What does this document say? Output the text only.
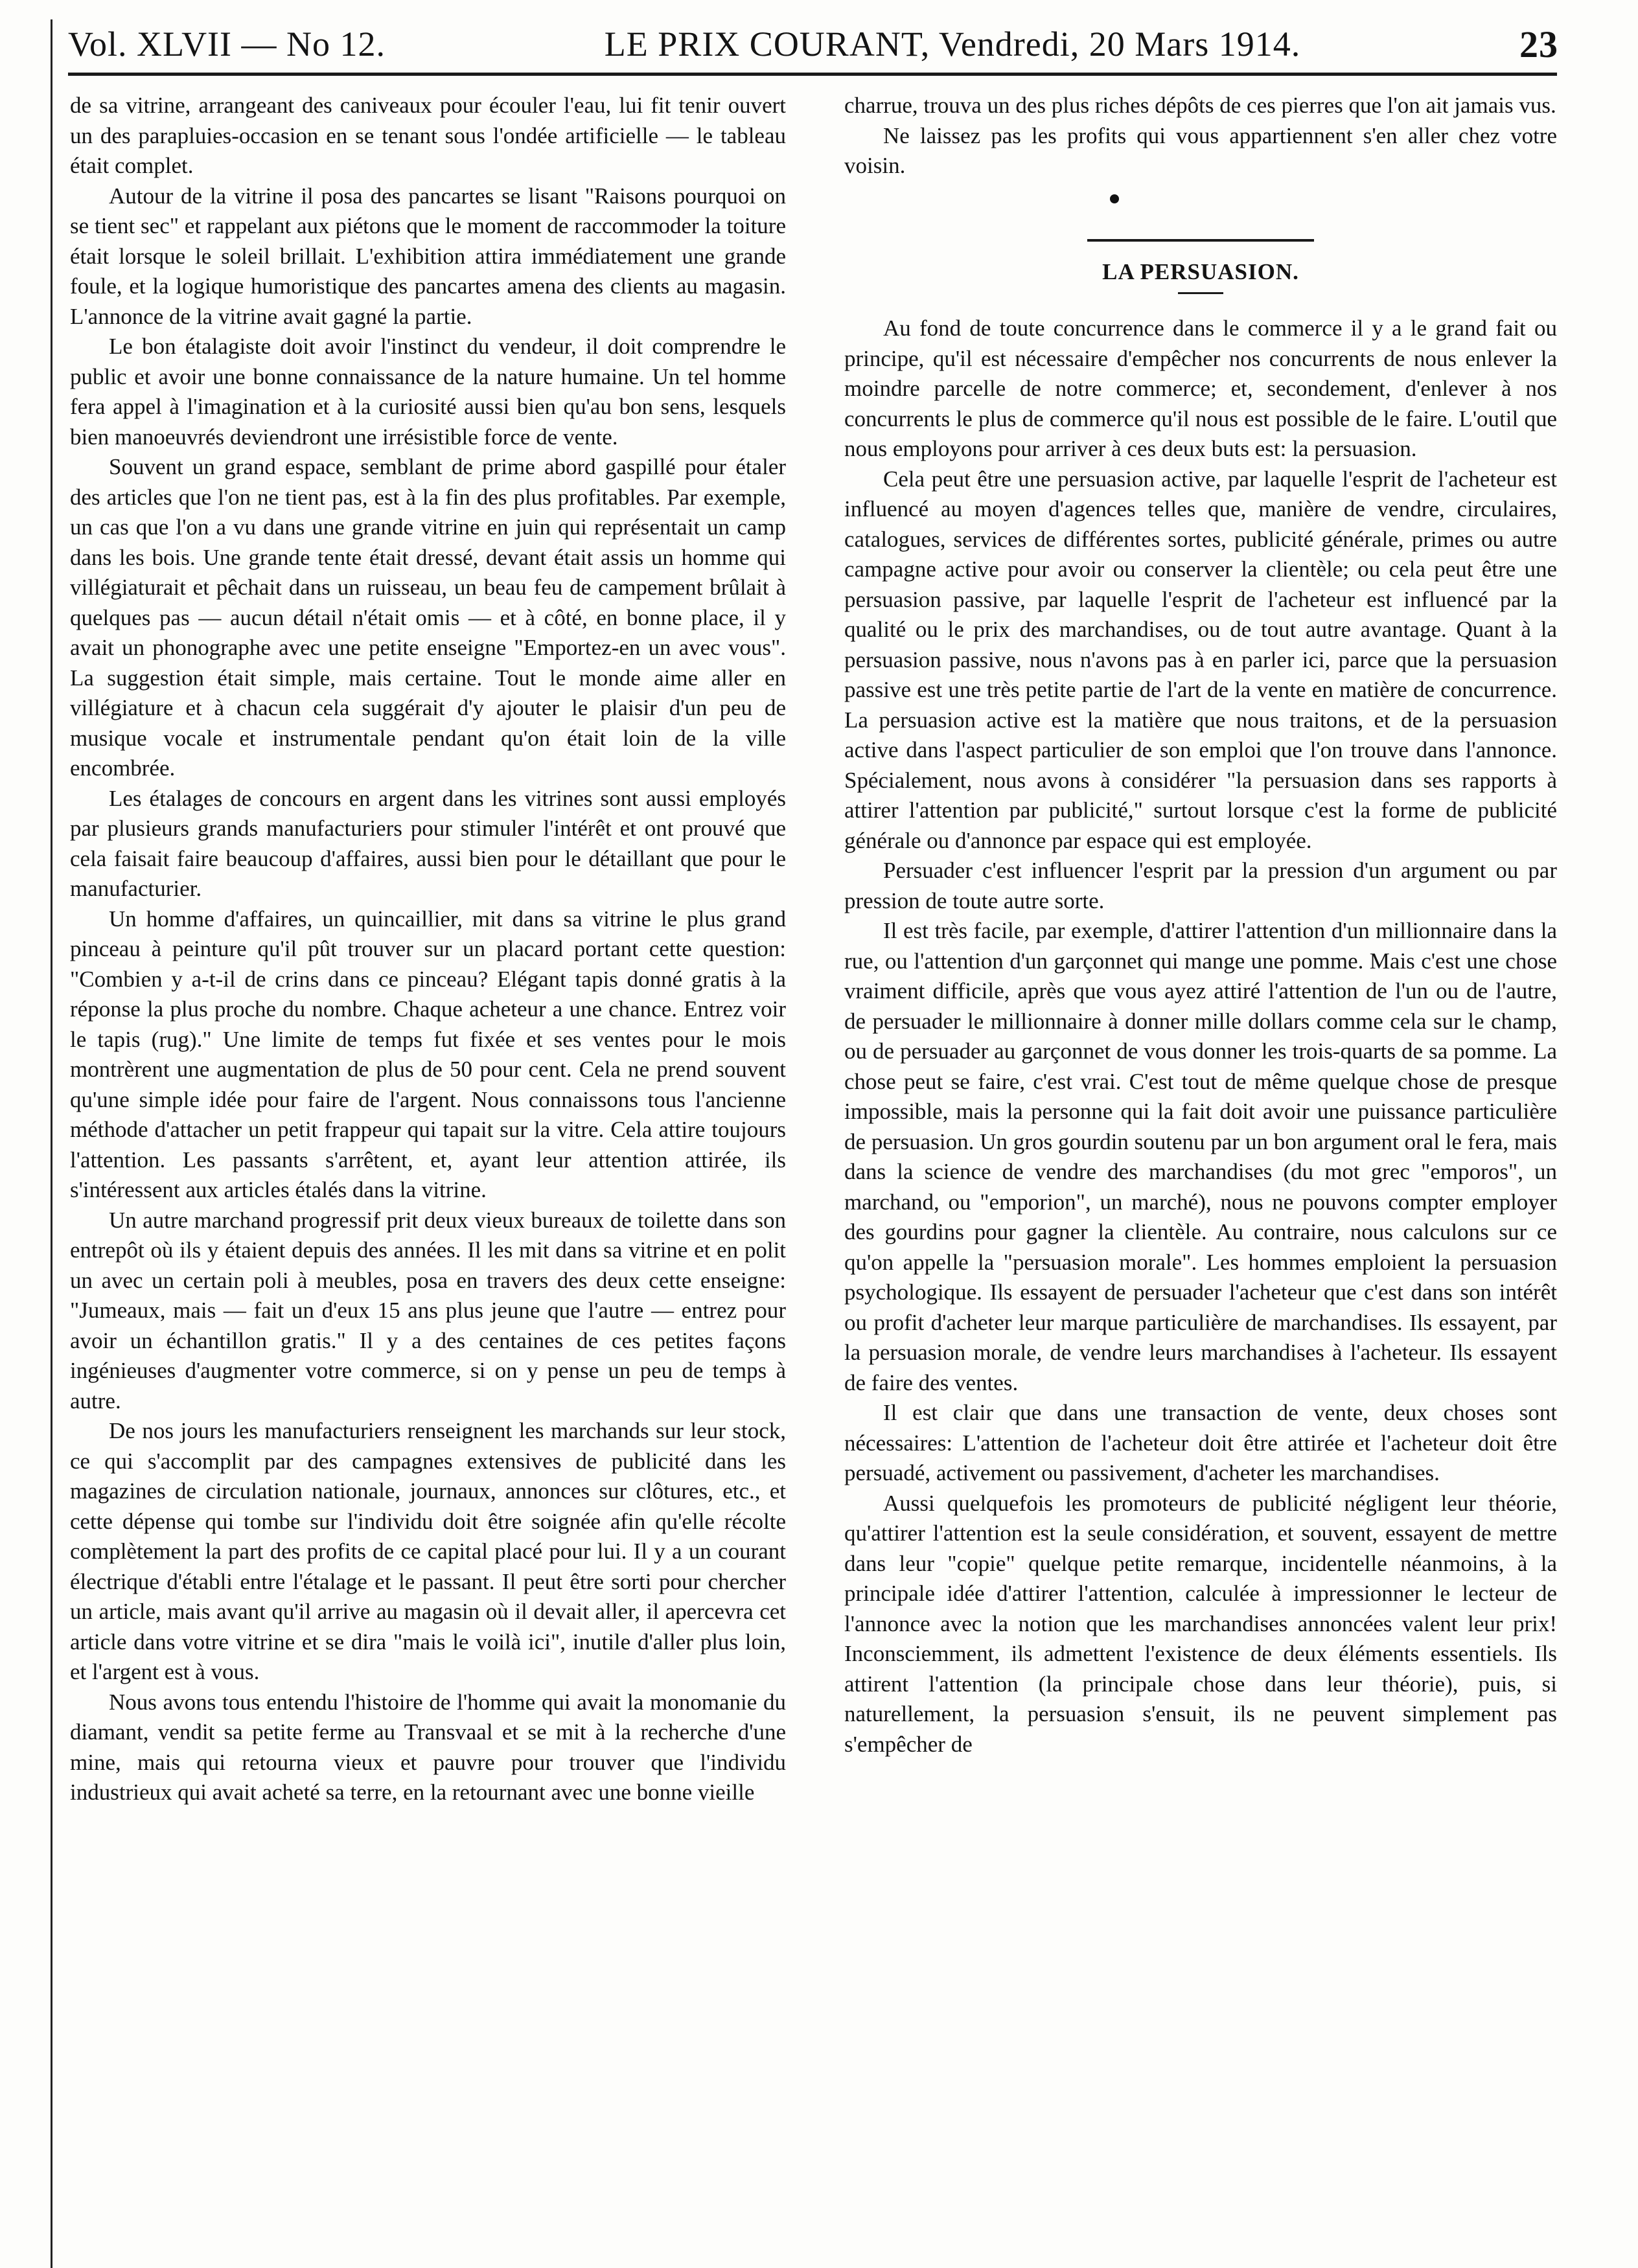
Vol. XLVII — No 12.	LE PRIX COURANT, Vendredi, 20 Mars 1914.	23

de sa vitrine, arrangeant des caniveaux pour écouler l'eau, lui fit tenir ouvert un des parapluies-occasion en se tenant sous l'ondée artificielle — le tableau était complet.

Autour de la vitrine il posa des pancartes se lisant "Raisons pourquoi on se tient sec" et rappelant aux piétons que le moment de raccommoder la toiture était lorsque le soleil brillait. L'exhibition attira immédiatement une grande foule, et la logique humoristique des pancartes amena des clients au magasin. L'annonce de la vitrine avait gagné la partie.

Le bon étalagiste doit avoir l'instinct du vendeur, il doit comprendre le public et avoir une bonne connaissance de la nature humaine. Un tel homme fera appel à l'imagination et à la curiosité aussi bien qu'au bon sens, lesquels bien manoeuvrés deviendront une irrésistible force de vente.

Souvent un grand espace, semblant de prime abord gaspillé pour étaler des articles que l'on ne tient pas, est à la fin des plus profitables. Par exemple, un cas que l'on a vu dans une grande vitrine en juin qui représentait un camp dans les bois. Une grande tente était dressé, devant était assis un homme qui villégiaturait et pêchait dans un ruisseau, un beau feu de campement brûlait à quelques pas — aucun détail n'était omis — et à côté, en bonne place, il y avait un phonographe avec une petite enseigne "Emportez-en un avec vous". La suggestion était simple, mais certaine. Tout le monde aime aller en villégiature et à chacun cela suggérait d'y ajouter le plaisir d'un peu de musique vocale et instrumentale pendant qu'on était loin de la ville encombrée.

Les étalages de concours en argent dans les vitrines sont aussi employés par plusieurs grands manufacturiers pour stimuler l'intérêt et ont prouvé que cela faisait faire beaucoup d'affaires, aussi bien pour le détaillant que pour le manufacturier.

Un homme d'affaires, un quincaillier, mit dans sa vitrine le plus grand pinceau à peinture qu'il pût trouver sur un placard portant cette question: "Combien y a-t-il de crins dans ce pinceau? Elégant tapis donné gratis à la réponse la plus proche du nombre. Chaque acheteur a une chance. Entrez voir le tapis (rug)." Une limite de temps fut fixée et ses ventes pour le mois montrèrent une augmentation de plus de 50 pour cent. Cela ne prend souvent qu'une simple idée pour faire de l'argent. Nous connaissons tous l'ancienne méthode d'attacher un petit frappeur qui tapait sur la vitre. Cela attire toujours l'attention. Les passants s'arrêtent, et, ayant leur attention attirée, ils s'intéressent aux articles étalés dans la vitrine.

Un autre marchand progressif prit deux vieux bureaux de toilette dans son entrepôt où ils y étaient depuis des années. Il les mit dans sa vitrine et en polit un avec un certain poli à meubles, posa en travers des deux cette enseigne: "Jumeaux, mais — fait un d'eux 15 ans plus jeune que l'autre — entrez pour avoir un échantillon gratis." Il y a des centaines de ces petites façons ingénieuses d'augmenter votre commerce, si on y pense un peu de temps à autre.

De nos jours les manufacturiers renseignent les marchands sur leur stock, ce qui s'accomplit par des campagnes extensives de publicité dans les magazines de circulation nationale, journaux, annonces sur clôtures, etc., et cette dépense qui tombe sur l'individu doit être soignée afin qu'elle récolte complètement la part des profits de ce capital placé pour lui. Il y a un courant électrique d'établi entre l'étalage et le passant. Il peut être sorti pour chercher un article, mais avant qu'il arrive au magasin où il devait aller, il apercevra cet article dans votre vitrine et se dira "mais le voilà ici", inutile d'aller plus loin, et l'argent est à vous.

Nous avons tous entendu l'histoire de l'homme qui avait la monomanie du diamant, vendit sa petite ferme au Transvaal et se mit à la recherche d'une mine, mais qui retourna vieux et pauvre pour trouver que l'individu industrieux qui avait acheté sa terre, en la retournant avec une bonne vieille

charrue, trouva un des plus riches dépôts de ces pierres que l'on ait jamais vus.

Ne laissez pas les profits qui vous appartiennent s'en aller chez votre voisin.

LA PERSUASION.

Au fond de toute concurrence dans le commerce il y a le grand fait ou principe, qu'il est nécessaire d'empêcher nos concurrents de nous enlever la moindre parcelle de notre commerce; et, secondement, d'enlever à nos concurrents le plus de commerce qu'il nous est possible de le faire. L'outil que nous employons pour arriver à ces deux buts est: la persuasion.

Cela peut être une persuasion active, par laquelle l'esprit de l'acheteur est influencé au moyen d'agences telles que, manière de vendre, circulaires, catalogues, services de différentes sortes, publicité générale, primes ou autre campagne active pour avoir ou conserver la clientèle; ou cela peut être une persuasion passive, par laquelle l'esprit de l'acheteur est influencé par la qualité ou le prix des marchandises, ou de tout autre avantage. Quant à la persuasion passive, nous n'avons pas à en parler ici, parce que la persuasion passive est une très petite partie de l'art de la vente en matière de concurrence. La persuasion active est la matière que nous traitons, et de la persuasion active dans l'aspect particulier de son emploi que l'on trouve dans l'annonce. Spécialement, nous avons à considérer "la persuasion dans ses rapports à attirer l'attention par publicité," surtout lorsque c'est la forme de publicité générale ou d'annonce par espace qui est employée.

Persuader c'est influencer l'esprit par la pression d'un argument ou par pression de toute autre sorte.

Il est très facile, par exemple, d'attirer l'attention d'un millionnaire dans la rue, ou l'attention d'un garçonnet qui mange une pomme. Mais c'est une chose vraiment difficile, après que vous ayez attiré l'attention de l'un ou de l'autre, de persuader le millionnaire à donner mille dollars comme cela sur le champ, ou de persuader au garçonnet de vous donner les trois-quarts de sa pomme. La chose peut se faire, c'est vrai. C'est tout de même quelque chose de presque impossible, mais la personne qui la fait doit avoir une puissance particulière de persuasion. Un gros gourdin soutenu par un bon argument oral le fera, mais dans la science de vendre des marchandises (du mot grec "emporos", un marchand, ou "emporion", un marché), nous ne pouvons compter employer des gourdins pour gagner la clientèle. Au contraire, nous calculons sur ce qu'on appelle la "persuasion morale". Les hommes emploient la persuasion psychologique. Ils essayent de persuader l'acheteur que c'est dans son intérêt ou profit d'acheter leur marque particulière de marchandises. Ils essayent, par la persuasion morale, de vendre leurs marchandises à l'acheteur. Ils essayent de faire des ventes.

Il est clair que dans une transaction de vente, deux choses sont nécessaires: L'attention de l'acheteur doit être attirée et l'acheteur doit être persuadé, activement ou passivement, d'acheter les marchandises.

Aussi quelquefois les promoteurs de publicité négligent leur théorie, qu'attirer l'attention est la seule considération, et souvent, essayent de mettre dans leur "copie" quelque petite remarque, incidentelle néanmoins, à la principale idée d'attirer l'attention, calculée à impressionner le lecteur de l'annonce avec la notion que les marchandises annoncées valent leur prix! Inconsciemment, ils admettent l'existence de deux éléments essentiels. Ils attirent l'attention (la principale chose dans leur théorie), puis, si naturellement, la persuasion s'ensuit, ils ne peuvent simplement pas s'empêcher de
